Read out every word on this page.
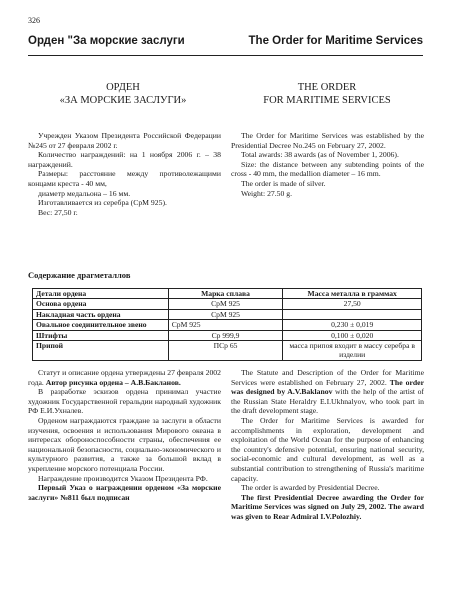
326
Орден "За морские заслуги	The Order for Maritime Services
ОРДЕН
«ЗА МОРСКИЕ ЗАСЛУГИ»
THE ORDER
FOR MARITIME SERVICES

Учрежден Указом Президента Российской Федерации №245 от 27 февраля 2002 г.

Количество награждений: на 1 ноября 2006 г. – 38 награждений.

Размеры: расстояние между противолежащими концами креста - 40 мм,

диаметр медальона – 16 мм.

Изготавливается из серебра (СрМ 925).

Вес: 27,50 г.

The Order for Maritime Services was established by the Presidential Decree No.245 on February 27, 2002.

Total awards: 38 awards (as of November 1, 2006).

Size: the distance between any subtending points of the cross - 40 mm, the medallion diameter – 16 mm.

The order is made of silver.

Weight: 27.50 g.

Содержание драгметаллов
Детали ордена	Марка сплава	Масса металла в граммах
Основа ордена	СрМ 925	27,50
Накладная часть ордена	СрМ 925	
Овальное соединительное звено	СрМ 925	0,230 ± 0,019
Штифты	Ср 999,9	0,100 ± 0,020
Припой	ПСр 65	масса припоя входит в массу серебра в изделии

Статут и описание ордена утверждены 27 февраля 2002 года. Автор рисунка ордена – А.В.Бакланов.

В разработке эскизов ордена принимал участие художник Государственной геральдии народный художник РФ Е.И.Ухналев.

Орденом награждаются граждане за заслуги в области изучения, освоения и использования Мирового океана в интересах обороноспособности страны, обеспечения ее национальной безопасности, социально-экономического и культурного развития, а также за большой вклад в укрепление морского потенциала России.

Награждение производится Указом Президента РФ.

Первый Указ о награждении орденом «За морские заслуги» №811 был подписан

The Statute and Description of the Order for Maritime Services were established on February 27, 2002. The order was designed by A.V.Baklanov with the help of the artist of the Russian State Heraldry E.I.Ukhnalyov, who took part in the draft development stage.

The Order for Maritime Services is awarded for accomplishments in exploration, development and exploitation of the World Ocean for the purpose of enhancing the country's defensive potential, ensuring national security, social-economic and cultural development, as well as a substantial contribution to strengthening of Russia's maritime capacity.

The order is awarded by Presidential Decree.

The first Presidential Decree awarding the Order for Maritime Services was signed on July 29, 2002. The award was given to Rear Admiral I.V.Polozhiy.
